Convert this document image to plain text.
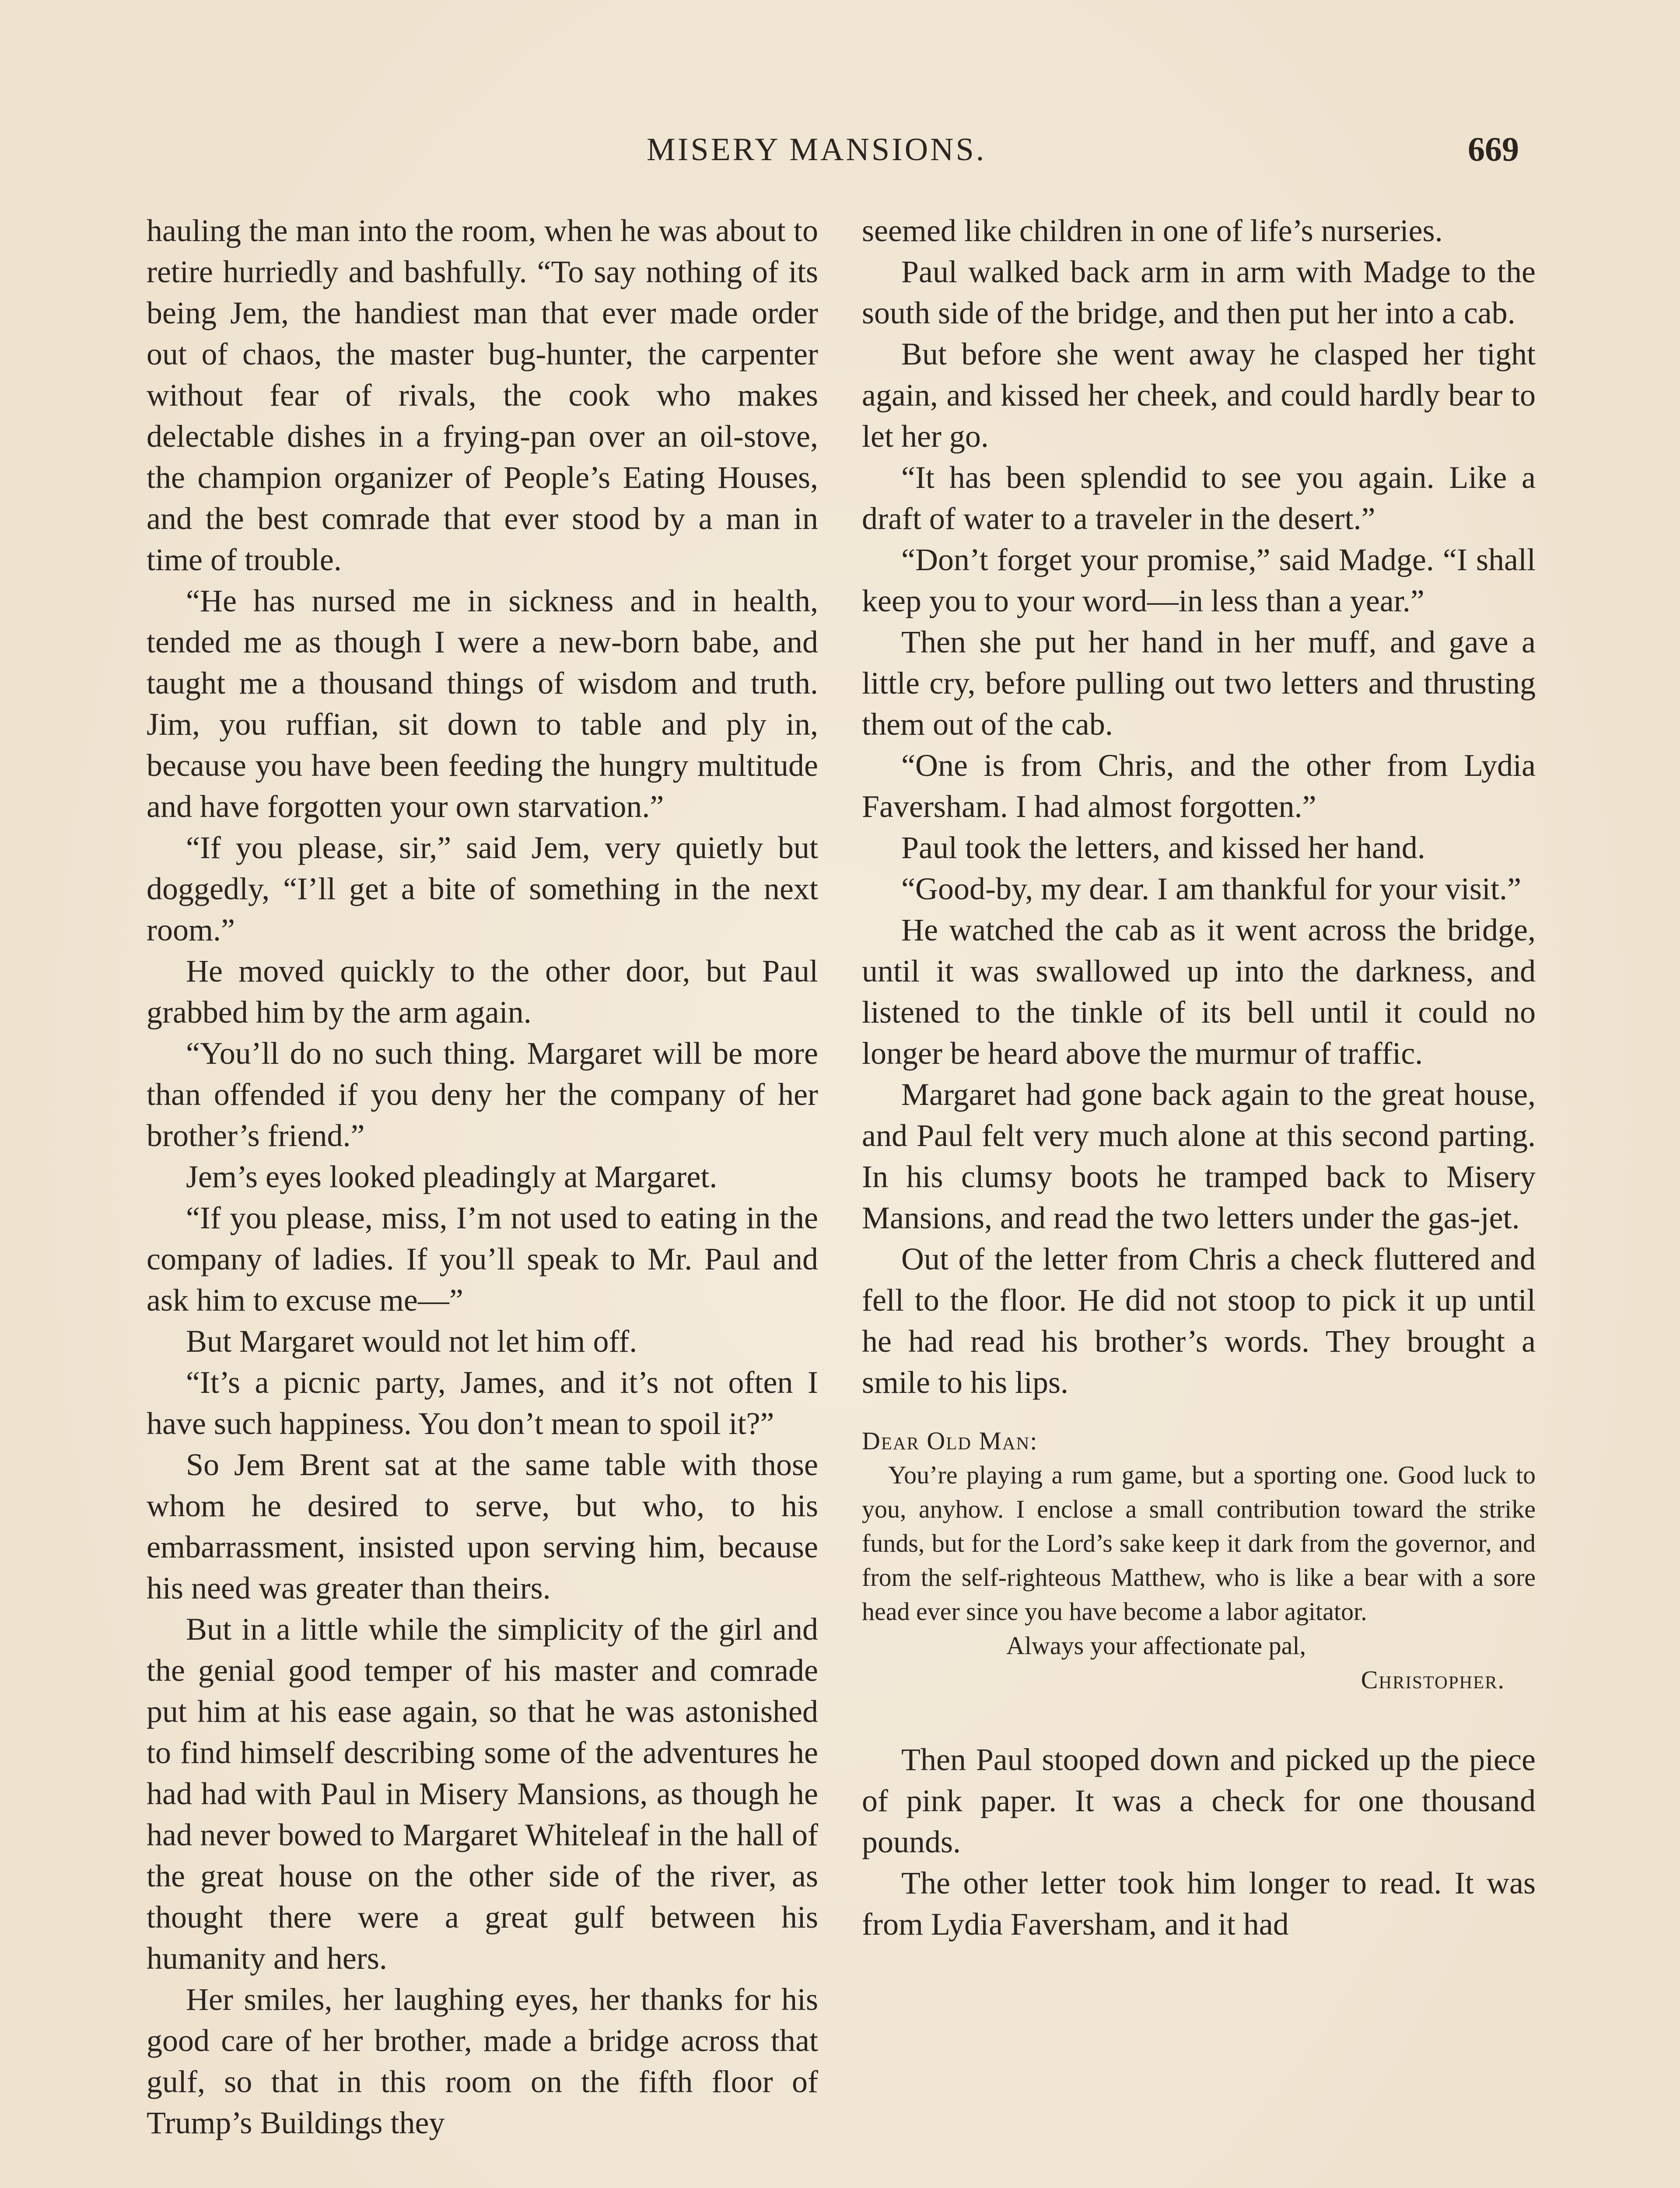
MISERY MANSIONS.	669

hauling the man into the room, when he was about to retire hurriedly and bashfully. “To say nothing of its being Jem, the handiest man that ever made order out of chaos, the master bug-hunter, the carpenter without fear of rivals, the cook who makes delectable dishes in a frying-pan over an oil-stove, the champion organizer of People’s Eating Houses, and the best comrade that ever stood by a man in time of trouble.

“He has nursed me in sickness and in health, tended me as though I were a new-born babe, and taught me a thousand things of wisdom and truth. Jim, you ruffian, sit down to table and ply in, because you have been feeding the hungry multitude and have forgotten your own starvation.”

“If you please, sir,” said Jem, very quietly but doggedly, “I’ll get a bite of something in the next room.”

He moved quickly to the other door, but Paul grabbed him by the arm again.

“You’ll do no such thing. Margaret will be more than offended if you deny her the company of her brother’s friend.”

Jem’s eyes looked pleadingly at Margaret.

“If you please, miss, I’m not used to eating in the company of ladies. If you’ll speak to Mr. Paul and ask him to excuse me—”

But Margaret would not let him off.

“It’s a picnic party, James, and it’s not often I have such happiness. You don’t mean to spoil it?”

So Jem Brent sat at the same table with those whom he desired to serve, but who, to his embarrassment, insisted upon serving him, because his need was greater than theirs.

But in a little while the simplicity of the girl and the genial good temper of his master and comrade put him at his ease again, so that he was astonished to find himself describing some of the adventures he had had with Paul in Misery Mansions, as though he had never bowed to Margaret Whiteleaf in the hall of the great house on the other side of the river, as thought there were a great gulf between his humanity and hers.

Her smiles, her laughing eyes, her thanks for his good care of her brother, made a bridge across that gulf, so that in this room on the fifth floor of Trump’s Buildings they

seemed like children in one of life’s nurseries.

Paul walked back arm in arm with Madge to the south side of the bridge, and then put her into a cab.

But before she went away he clasped her tight again, and kissed her cheek, and could hardly bear to let her go.

“It has been splendid to see you again. Like a draft of water to a traveler in the desert.”

“Don’t forget your promise,” said Madge. “I shall keep you to your word—in less than a year.”

Then she put her hand in her muff, and gave a little cry, before pulling out two letters and thrusting them out of the cab.

“One is from Chris, and the other from Lydia Faversham. I had almost forgotten.”

Paul took the letters, and kissed her hand.

“Good-by, my dear. I am thankful for your visit.”

He watched the cab as it went across the bridge, until it was swallowed up into the darkness, and listened to the tinkle of its bell until it could no longer be heard above the murmur of traffic.

Margaret had gone back again to the great house, and Paul felt very much alone at this second parting. In his clumsy boots he tramped back to Misery Mansions, and read the two letters under the gas-jet.

Out of the letter from Chris a check fluttered and fell to the floor. He did not stoop to pick it up until he had read his brother’s words. They brought a smile to his lips.

Dear Old Man:

You’re playing a rum game, but a sporting one. Good luck to you, anyhow. I enclose a small contribution toward the strike funds, but for the Lord’s sake keep it dark from the governor, and from the self-righteous Matthew, who is like a bear with a sore head ever since you have become a labor agitator.

Always your affectionate pal,

Christopher.

Then Paul stooped down and picked up the piece of pink paper. It was a check for one thousand pounds.

The other letter took him longer to read. It was from Lydia Faversham, and it had
